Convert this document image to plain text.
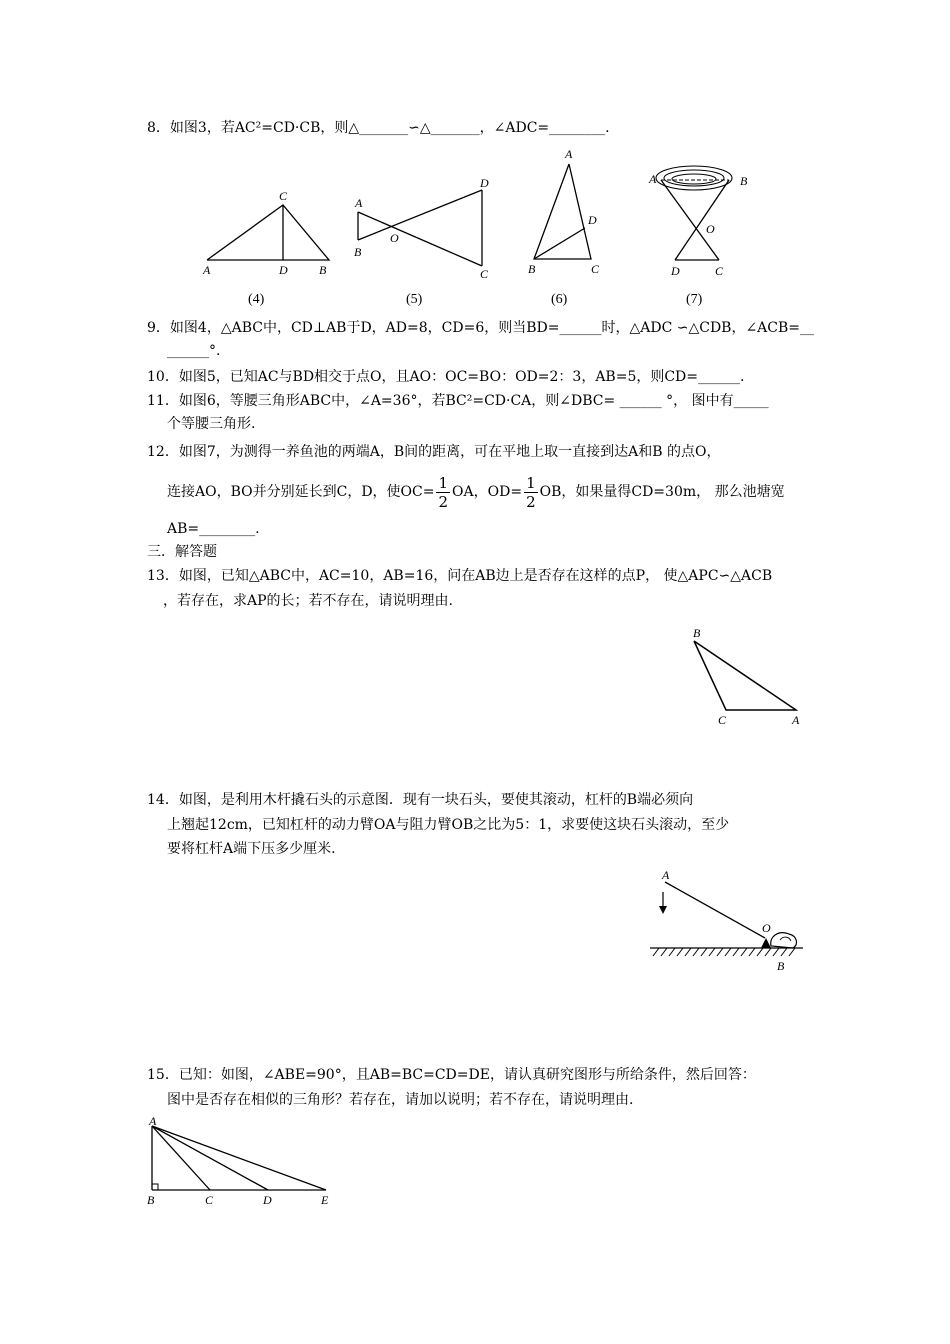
8．如图3，若AC²=CD·CB，则△_______∽△_______，∠ADC=________.
C
A	D	B
A
B
O
D
C
A
D
B	C
A	B
O
D	C
(4)	(5)	(6)	(7)
9．如图4，△ABC中，CD⊥AB于D，AD=8，CD=6，则当BD=______时，△ADC ∽△CDB，∠ACB=__
______°.
10．如图5，已知AC与BD相交于点O，且AO：OC=BO：OD=2：3，AB=5，则CD=______.
11．如图6，等腰三角形ABC中，∠A=36°，若BC²=CD·CA，则∠DBC= ______ °， 图中有_____
个等腰三角形.
12．如图7，为测得一养鱼池的两端A，B间的距离，可在平地上取一直接到达A和B 的点O，
连接AO，BO并分别延长到C，D，使$OC= \frac{1}{2}$ OA，$OD= \frac{1}{2}$ OB，如果量得CD=30m， 那么池塘宽
AB=________.
三．解答题
13．如图，已知△ABC中，AC=10，AB=16，问在AB边上是否存在这样的点P， 使△APC∽△ACB
，若存在，求AP的长；若不存在，请说明理由.
B
C	A
14．如图，是利用木杆撬石头的示意图．现有一块石头，要使其滚动，杠杆的B端必须向
上翘起12cm，已知杠杆的动力臂OA与阻力臂OB之比为5：1，求要使这块石头滚动，至少
要将杠杆A端下压多少厘米.
A
O
B
15．已知：如图，∠ABE=90°，且AB=BC=CD=DE，请认真研究图形与所给条件，然后回答：
图中是否存在相似的三角形？若存在，请加以说明；若不存在，请说明理由.
A
B	C	D	E
